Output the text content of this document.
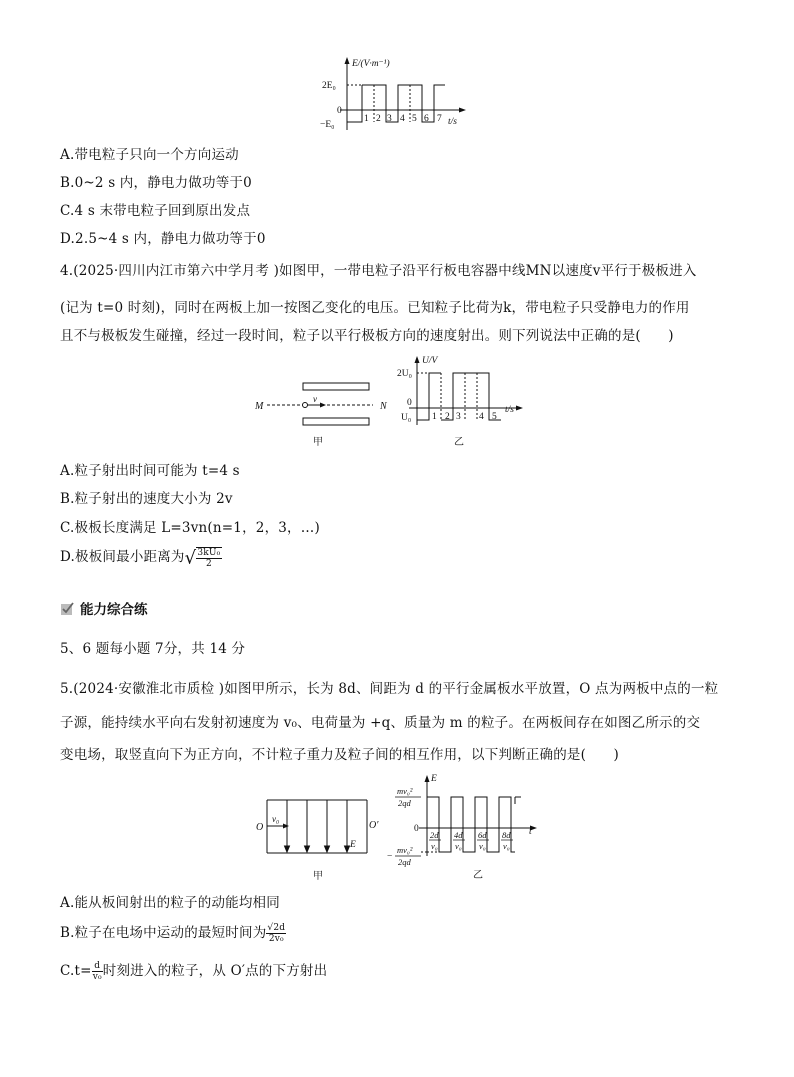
E/(V·m⁻¹)
2E₀
0
−E₀	t/s
1 2 3 4 5 6 7
A.带电粒子只向一个方向运动
B.0~2 s 内，静电力做功等于0
C.4 s 末带电粒子回到原出发点
D.2.5~4 s 内，静电力做功等于0
4.(2025·四川内江市第六中学月考 )如图甲，一带电粒子沿平行板电容器中线MN以速度v平行于极板进入
(记为 t=0 时刻)，同时在两板上加一按图乙变化的电压。已知粒子比荷为k，带电粒子只受静电力的作用
且不与极板发生碰撞，经过一段时间，粒子以平行极板方向的速度射出。则下列说法中正确的是(　　)
M	N
v
甲
U/V
2U₀
0
U₀
t/s
1 2 3 4 5
乙
A.粒子射出时间可能为 t=4 s
B.粒子射出的速度大小为 2v
C.极板长度满足 L=3vn(n=1，2，3，…)
D.极板间最小距离为√ $\frac{\text{3kU₀}}{2}$
能力综合练
5、6 题每小题 7分，共 14 分
5.(2024·安徽淮北市质检 )如图甲所示，长为 8d、间距为 d 的平行金属板水平放置，O 点为两板中点的一粒
子源，能持续水平向右发射初速度为 v₀、电荷量为 +q、质量为 m 的粒子。在两板间存在如图乙所示的交
变电场，取竖直向下为正方向，不计粒子重力及粒子间的相互作用，以下判断正确的是(　　)
O	O′
v₀
E
甲
E
mv₀²
2qd
0
−
mv₀²
2qd
t
2d
v₀
4d
v₀
6d
v₀
8d
v₀
乙
A.能从板间射出的粒子的动能均相同
B.粒子在电场中运动的最短时间为 $\frac{√2d}{\text{2v₀}}$
$C.t= \frac{d}{\text{v₀}}$ 时刻进入的粒子，从 O′点的下方射出
